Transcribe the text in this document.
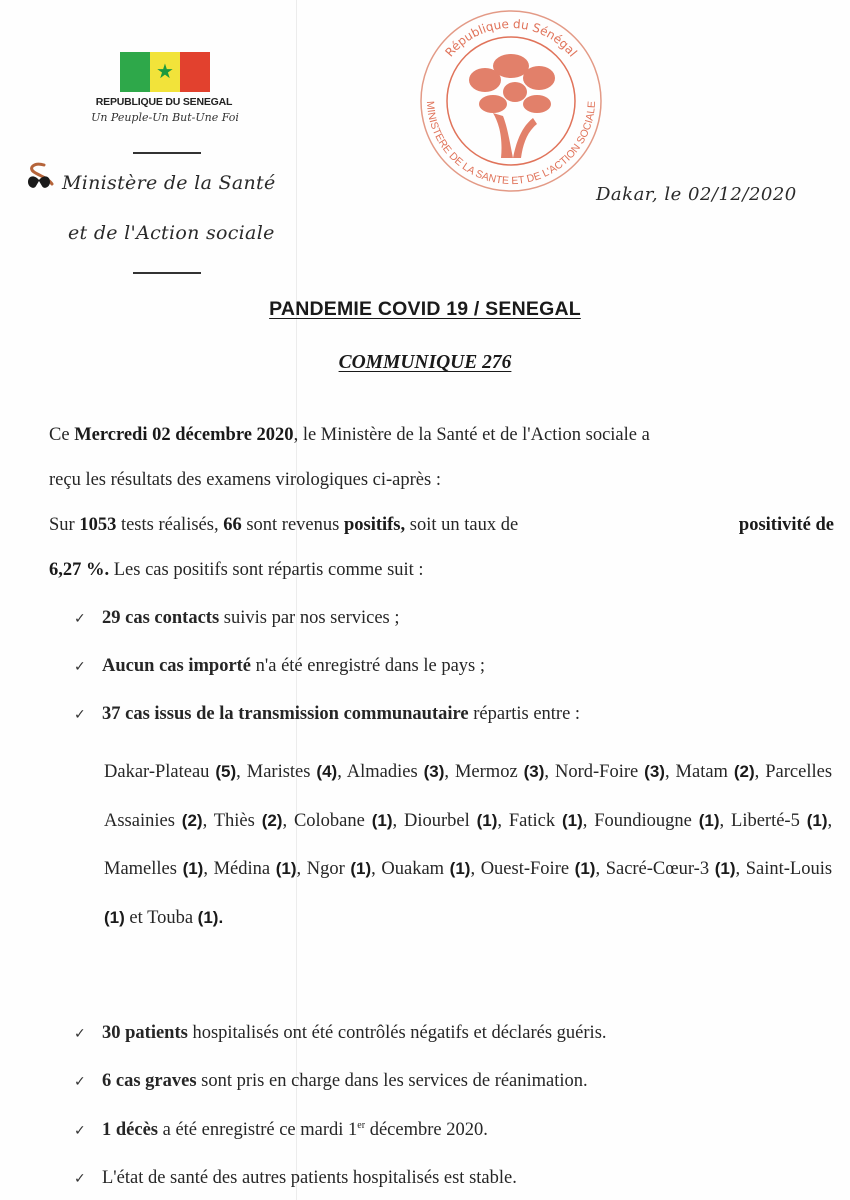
★
REPUBLIQUE DU SENEGAL
Un Peuple-Un But-Une Foi
Ministère de la Santé
et de l'Action sociale
République du Sénégal
MINISTERE DE LA SANTE ET DE L'ACTION SOCIALE
Dakar, le 02/12/2020
PANDEMIE COVID 19 / SENEGAL
COMMUNIQUE 276
Ce Mercredi 02 décembre 2020, le Ministère de la Santé et de l'Action sociale a
reçu les résultats des examens virologiques ci-après :
Sur 1053 tests réalisés, 66 sont revenus positifs, soit un taux de	positivité de
6,27 %. Les cas positifs sont répartis comme suit :
✓ 29 cas contacts suivis par nos services ;
✓ Aucun cas importé n'a été enregistré dans le pays ;
✓ 37 cas issus de la transmission communautaire répartis entre :
Dakar-Plateau (5), Maristes (4), Almadies (3), Mermoz (3), Nord-Foire (3), Matam (2), Parcelles Assainies (2), Thiès (2), Colobane (1), Diourbel (1), Fatick (1), Foundiougne (1), Liberté-5 (1), Mamelles (1), Médina (1), Ngor (1), Ouakam (1), Ouest-Foire (1), Sacré-Cœur-3 (1), Saint-Louis (1) et Touba (1).
✓ 30 patients hospitalisés ont été contrôlés négatifs et déclarés guéris.
✓ 6 cas graves sont pris en charge dans les services de réanimation.
✓ 1 décès a été enregistré ce mardi 1er décembre 2020.
✓ L'état de santé des autres patients hospitalisés est stable.
